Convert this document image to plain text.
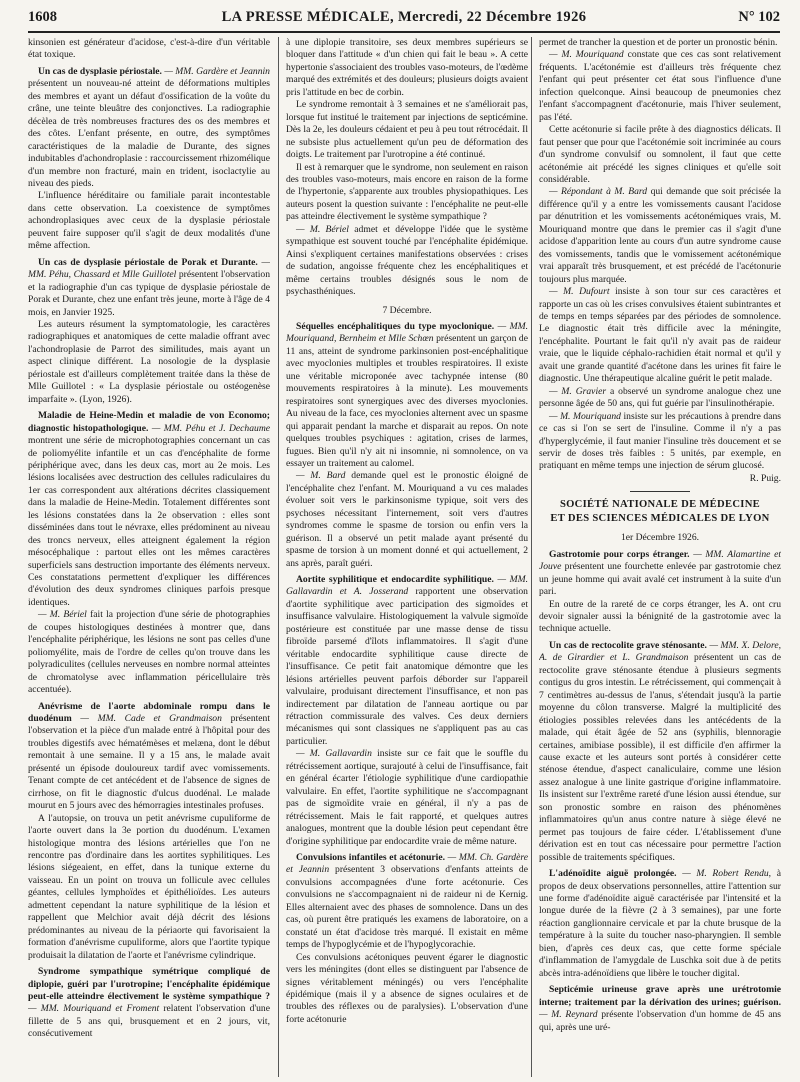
1608	LA PRESSE MÉDICALE, Mercredi, 22 Décembre 1926	N° 102

kinsonien est générateur d'acidose, c'est-à-dire d'un véritable état toxique.

Un cas de dysplasie périostale. — MM. Gardère et Jeannin présentent un nouveau-né atteint de déformations multiples des membres et ayant un défaut d'ossification de la voûte du crâne, une teinte bleuâtre des conjonctives. La radiographie décèlea de très nombreuses fractures des os des membres et des côtes. L'enfant présente, en outre, des symptômes caractéristiques de la maladie de Durante, des signes indubitables d'achondroplasie : raccourcissement rhizomélique d'un membre non fracturé, main en trident, isoclactylie au niveau des pieds.

L'influence héréditaire ou familiale parait incontestable dans cette observation. La coexistence de symptômes achondroplasiques avec ceux de la dysplasie périostale peuvent faire supposer qu'il s'agit de deux modalités d'une même affection.

Un cas de dysplasie périostale de Porak et Durante. — MM. Péhu, Chassard et Mlle Guillotel présentent l'observation et la radiographie d'un cas typique de dysplasie périostale de Porak et Durante, chez une enfant très jeune, morte à l'âge de 4 mois, en Janvier 1925.

Les auteurs résument la symptomatologie, les caractères radiographiques et anatomiques de cette maladie offrant avec l'achondroplasie de Parrot des similitudes, mais ayant un aspect clinique différent. La nosologie de la dysplasie périostale est d'ailleurs complètement traitée dans la thèse de Mlle Guillotel : « La dysplasie périostale ou ostéogenèse imparfaite ». (Lyon, 1926).

Maladie de Heine-Medin et maladie de von Economo; diagnostic histopathologique. — MM. Péhu et J. Dechaume montrent une série de microphotographies concernant un cas de poliomyélite infantile et un cas d'encéphalite de forme périphérique avec, dans les deux cas, mort au 2e mois. Les lésions localisées avec destruction des cellules radiculaires du 1er cas correspondent aux altérations décrites classiquement dans la maladie de Heine-Medin. Totalement différentes sont les lésions constatées dans la 2e observation : elles sont disséminées dans tout le névraxe, elles prédominent au niveau des troncs nerveux, elles atteignent également la région mésocéphalique : partout elles ont les mêmes caractères superficiels sans destruction importante des éléments nerveux. Ces constatations permettent d'expliquer les différences d'évolution des deux syndromes cliniques parfois presque identiques.

— M. Bériel fait la projection d'une série de photographies de coupes histologiques destinées à montrer que, dans l'encéphalite périphérique, les lésions ne sont pas celles d'une poliomyélite, mais de l'ordre de celles qu'on trouve dans les polyradiculites (cellules nerveuses en nombre normal atteintes de chromatolyse avec inflammation péricellulaire très accentuée).

Anévrisme de l'aorte abdominale rompu dans le duodénum — MM. Cade et Grandmaison présentent l'observation et la pièce d'un malade entré à l'hôpital pour des troubles digestifs avec hématémèses et melæna, dont le début remontait à une semaine. Il y a 15 ans, le malade avait présenté un épisode douloureux tardif avec vomissements. Tenant compte de cet antécédent et de l'absence de signes de cirrhose, on fit le diagnostic d'ulcus duodénal. Le malade mourut en 5 jours avec des hémorragies intestinales profuses.

A l'autopsie, on trouva un petit anévrisme cupuliforme de l'aorte ouvert dans la 3e portion du duodénum. L'examen histologique montra des lésions artérielles que l'on ne rencontre pas d'ordinaire dans les aortites syphilitiques. Les lésions siégeaient, en effet, dans la tunique externe du vaisseau. En un point on trouva un follicule avec cellules géantes, cellules lymphoïdes et épithélioïdes. Les auteurs admettent cependant la nature syphilitique de la lésion et rappellent que Melchior avait déjà décrit des lésions prédominantes au niveau de la périaorte qui favorisaient la formation d'anévrisme cupuliforme, alors que l'aortite typique produisait la dilatation de l'aorte et l'anévrisme cylindrique.

Syndrome sympathique symétrique compliqué de diplopie, guéri par l'urotropine; l'encéphalite épidémique peut-elle atteindre électivement le système sympathique ? — MM. Mouriquand et Froment relatent l'observation d'une fillette de 5 ans qui, brusquement et en 2 jours, vit, consécutivement

à une diplopie transitoire, ses deux membres supérieurs se bloquer dans l'attitude « d'un chien qui fait le beau ». A cette hypertonie s'associaient des troubles vaso-moteurs, de l'œdème marqué des extrémités et des douleurs; plusieurs doigts avaient pris l'attitude en bec de corbin.

Le syndrome remontait à 3 semaines et ne s'améliorait pas, lorsque fut institué le traitement par injections de septicémine. Dès la 2e, les douleurs cédaient et peu à peu tout rétrocédait. Il ne subsiste plus actuellement qu'un peu de déformation des doigts. Le traitement par l'urotropine a été continué.

Il est à remarquer que le syndrome, non seulement en raison des troubles vaso-moteurs, mais encore en raison de la forme de l'hypertonie, s'apparente aux troubles physiopathiques. Les auteurs posent la question suivante : l'encéphalite ne peut-elle pas atteindre électivement le système sympathique ?

— M. Bériel admet et développe l'idée que le système sympathique est souvent touché par l'encéphalite épidémique. Ainsi s'expliquent certaines manifestations observées : crises de sudation, angoisse fréquente chez les encéphalitiques et même certains troubles désignés sous le nom de psychasthéniques.

7 Décembre.

Séquelles encéphalitiques du type myoclonique. — MM. Mouriquand, Bernheim et Mlle Schœn présentent un garçon de 11 ans, atteint de syndrome parkinsonien post-encéphalitique avec myoclonies multiples et troubles respiratoires. Il existe une véritable microponée avec tachypnée intense (80 mouvements respiratoires à la minute). Les mouvements respiratoires sont synergiques avec des diverses myoclonies. Au niveau de la face, ces myoclonies alternent avec un spasme qui apparait pendant la marche et disparait au repos. On note quelques troubles psychiques : agitation, crises de larmes, fugues. Bien qu'il n'y ait ni insomnie, ni somnolence, on va essayer un traitement au calomel.

— M. Bard demande quel est le pronostic éloigné de l'encéphalite chez l'enfant. M. Mouriquand a vu ces malades évoluer soit vers le parkinsonisme typique, soit vers des psychoses nécessitant l'internement, soit vers d'autres syndromes comme le spasme de torsion ou enfin vers la guérison. Il a observé un petit malade ayant présenté du spasme de torsion à un moment donné et qui actuellement, 2 ans après, paraît guéri.

Aortite syphilitique et endocardite syphilitique. — MM. Gallavardin et A. Josserand rapportent une observation d'aortite syphilitique avec participation des sigmoïdes et insuffisance valvulaire. Histologiquement la valvule sigmoïde postérieure est constituée par une masse dense de tissu fibroïde parsemé d'îlots inflammatoires. Il s'agit d'une véritable endocardite syphilitique cause directe de l'insuffisance. Ce petit fait anatomique démontre que les lésions artérielles peuvent parfois déborder sur l'appareil valvulaire, produisant directement l'insuffisance, et non pas indirectement par dilatation de l'anneau aortique ou par rétraction commissurale des valves. Ces deux derniers mécanismes qui sont classiques ne s'appliquent pas au cas particulier.

— M. Gallavardin insiste sur ce fait que le souffle du rétrécissement aortique, surajouté à celui de l'insuffisance, fait en général écarter l'étiologie syphilitique d'une cardiopathie valvulaire. En effet, l'aortite syphilitique ne s'accompagnant pas de sigmoïdite vraie en général, il n'y a pas de rétrécissement. Mais le fait rapporté, et quelques autres analogues, montrent que la double lésion peut cependant être d'origine syphilitique par endocardite vraie de même nature.

Convulsions infantiles et acétonurie. — MM. Ch. Gardère et Jeannin présentent 3 observations d'enfants atteints de convulsions accompagnées d'une forte acétonurie. Ces convulsions ne s'accompagnaient ni de raideur ni de Kernig. Elles alternaient avec des phases de somnolence. Dans un des cas, où purent être pratiqués les examens de laboratoire, on a constaté un état d'acidose très marqué. Il existait en même temps de l'hypoglycémie et de l'hypoglycorachie.

Ces convulsions acétoniques peuvent égarer le diagnostic vers les méningites (dont elles se distinguent par l'absence de signes véritablement méningés) ou vers l'encéphalite épidémique (mais il y a absence de signes oculaires et de troubles des réflexes ou de paralysies). L'observation d'une forte acétonurie

permet de trancher la question et de porter un pronostic bénin.

— M. Mouriquand constate que ces cas sont relativement fréquents. L'acétonémie est d'ailleurs très fréquente chez l'enfant qui peut présenter cet état sous l'influence d'une infection quelconque. Ainsi beaucoup de pneumonies chez l'enfant s'accompagnent d'acétonurie, mais l'hiver seulement, pas l'été.

Cette acétonurie si facile prête à des diagnostics délicats. Il faut penser que pour que l'acétonémie soit incriminée au cours d'un syndrome convulsif ou somnolent, il faut que cette acétonémie ait précédé les signes cliniques et qu'elle soit considérable.

— Répondant à M. Bard qui demande que soit précisée la différence qu'il y a entre les vomissements causant l'acidose par dénutrition et les vomissements acétonémiques vrais, M. Mouriquand montre que dans le premier cas il s'agit d'une acidose d'apparition lente au cours d'un autre syndrome cause des vomissements, tandis que le vomissement acétonémique vrai apparaît très brusquement, et est précédé de l'acétonurie toujours plus marquée.

— M. Dufourt insiste à son tour sur ces caractères et rapporte un cas où les crises convulsives étaient subintrantes et de temps en temps séparées par des périodes de somnolence. Le diagnostic était très difficile avec la méningite, l'encéphalite. Pourtant le fait qu'il n'y avait pas de raideur vraie, que le liquide céphalo-rachidien était normal et qu'il y avait une grande quantité d'acétone dans les urines fit faire le diagnostic. Une thérapeutique alcaline guérit le petit malade.

— M. Gravier a observé un syndrome analogue chez une personne âgée de 50 ans, qui fut guérie par l'insulinothérapie.

— M. Mouriquand insiste sur les précautions à prendre dans ce cas si l'on se sert de l'insuline. Comme il n'y a pas d'hyperglycémie, il faut manier l'insuline très doucement et se servir de doses très faibles : 5 unités, par exemple, en pratiquant en même temps une injection de sérum glucosé.

R. Puig.

SOCIÉTÉ NATIONALE DE MÉDECINE

ET DES SCIENCES MÉDICALES DE LYON

1er Décembre 1926.

Gastrotomie pour corps étranger. — MM. Alamartine et Jouve présentent une fourchette enlevée par gastrotomie chez un jeune homme qui avait avalé cet instrument à la suite d'un pari.

En outre de la rareté de ce corps étranger, les A. ont cru devoir signaler aussi la bénignité de la gastrotomie avec la technique actuelle.

Un cas de rectocolite grave sténosante. — MM. X. Delore, A. de Girardier et L. Grandmaison présentent un cas de rectocolite grave sténosante étendue à plusieurs segments contigus du gros intestin. Le rétrécissement, qui commençait à 7 centimètres au-dessus de l'anus, s'étendait jusqu'à la partie moyenne du côlon transverse. Malgré la multiplicité des étiologies possibles relevées dans les antécédents de la malade, qui était âgée de 52 ans (syphilis, blennoragie certaines, amibiase possible), il est difficile d'en affirmer la cause exacte et les auteurs sont portés à considérer cette sténose étendue, d'aspect canaliculaire, comme une lésion assez analogue à une linite gastrique d'origine inflammatoire. Ils insistent sur l'extrême rareté d'une lésion aussi étendue, sur son pronostic sombre en raison des phénomènes inflammatoires qu'un anus contre nature à siège élevé ne permet pas toujours de faire céder. L'établissement d'une dérivation est en tout cas nécessaire pour permettre l'action possible de traitements spécifiques.

L'adénoïdite aiguë prolongée. — M. Robert Rendu, à propos de deux observations personnelles, attire l'attention sur une forme d'adénoïdite aiguë caractérisée par l'intensité et la longue durée de la fièvre (2 à 3 semaines), par une forte réaction ganglionnaire cervicale et par la chute brusque de la température à la suite du toucher naso-pharyngien. Il semble bien, d'après ces deux cas, que cette forme spéciale d'inflammation de l'amygdale de Luschka soit due à de petits abcès intra-adénoïdiens que libère le toucher digital.

Septicémie urineuse grave après une urétrotomie interne; traitement par la dérivation des urines; guérison. — M. Reynard présente l'observation d'un homme de 45 ans qui, après une uré-
